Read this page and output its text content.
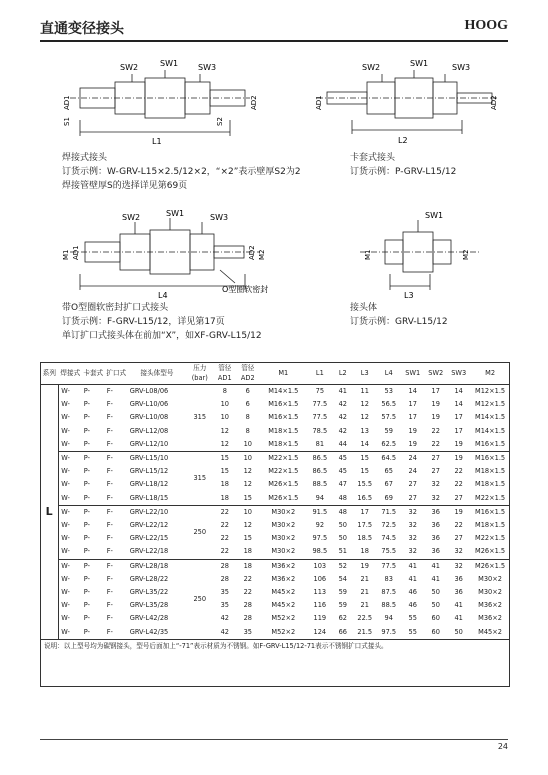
直通变径接头	HOOG
SW2	SW1 SW3
AD1
S1	S2
AD2
L1
焊接式接头
订货示例：W-GRV-L15×2.5/12×2，“×2”表示壁厚S2为2
焊接管壁厚S的选择详见第69页
SW2	SW1	SW3
AD1	AD2
L2
卡套式接头
订货示例：P-GRV-L15/12
SW2	SW1	SW3
M1 AD1	AD2 M2
L4
O型圈软密封
带O型圈软密封扩口式接头
订货示例：F-GRV-L15/12，详见第17页
单订扩口式接头体在前加“X”，如XF-GRV-L15/12
SW1
M1	M2
L3
接头体
订货示例：GRV-L15/12
系列	焊接式	卡套式	扩口式	接头体型号	压力(bar)	管径AD1	管径AD2	M1	L1	L2	L3	L4	SW1	SW2	SW3	M2
L	W-	P-	F-	GRV-L08/06	315	8	6	M14×1.5	75	41	11	53	14	17	14	M12×1.5
	W-	P-	F-	GRV-L10/06		10	6	M16×1.5	77.5	42	12	56.5	17	19	14	M12×1.5
	W-	P-	F-	GRV-L10/08		10	8	M16×1.5	77.5	42	12	57.5	17	19	17	M14×1.5
	W-	P-	F-	GRV-L12/08		12	8	M18×1.5	78.5	42	13	59	19	22	17	M14×1.5
	W-	P-	F-	GRV-L12/10		12	10	M18×1.5	81	44	14	62.5	19	22	19	M16×1.5
	W-	P-	F-	GRV-L15/10	315	15	10	M22×1.5	86.5	45	15	64.5	24	27	19	M16×1.5
	W-	P-	F-	GRV-L15/12		15	12	M22×1.5	86.5	45	15	65	24	27	22	M18×1.5
	W-	P-	F-	GRV-L18/12		18	12	M26×1.5	88.5	47	15.5	67	27	32	22	M18×1.5
	W-	P-	F-	GRV-L18/15		18	15	M26×1.5	94	48	16.5	69	27	32	27	M22×1.5
	W-	P-	F-	GRV-L22/10	250	22	10	M30×2	91.5	48	17	71.5	32	36	19	M16×1.5
	W-	P-	F-	GRV-L22/12		22	12	M30×2	92	50	17.5	72.5	32	36	22	M18×1.5
	W-	P-	F-	GRV-L22/15		22	15	M30×2	97.5	50	18.5	74.5	32	36	27	M22×1.5
	W-	P-	F-	GRV-L22/18		22	18	M30×2	98.5	51	18	75.5	32	36	32	M26×1.5
	W-	P-	F-	GRV-L28/18	250	28	18	M36×2	103	52	19	77.5	41	41	32	M26×1.5
	W-	P-	F-	GRV-L28/22		28	22	M36×2	106	54	21	83	41	41	36	M30×2
	W-	P-	F-	GRV-L35/22		35	22	M45×2	113	59	21	87.5	46	50	36	M30×2
	W-	P-	F-	GRV-L35/28		35	28	M45×2	116	59	21	88.5	46	50	41	M36×2
	W-	P-	F-	GRV-L42/28		42	28	M52×2	119	62	22.5	94	55	60	41	M36×2
	W-	P-	F-	GRV-L42/35		42	35	M52×2	124	66	21.5	97.5	55	60	50	M45×2
说明：以上型号均为碳钢接头，型号后面加上“-71”表示材质为不锈钢。如F-GRV-L15/12-71表示不锈钢扩口式接头。																
24
